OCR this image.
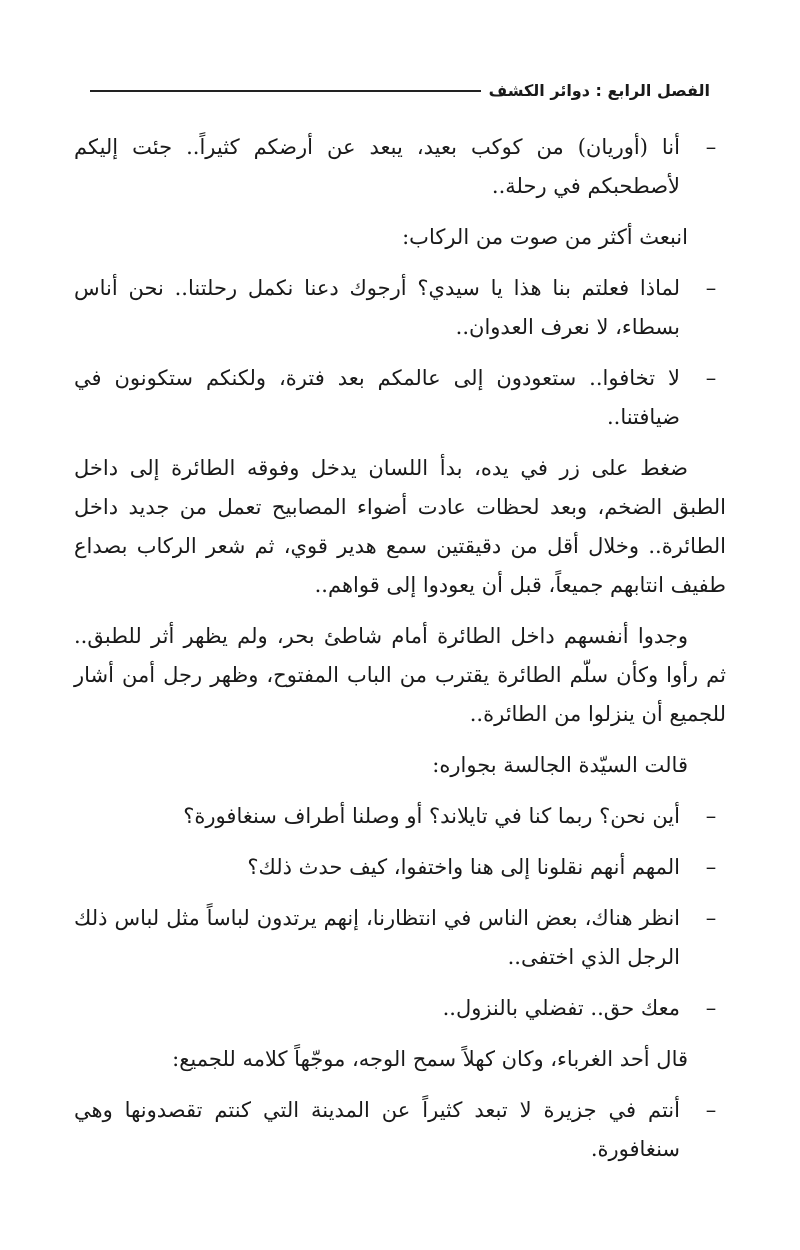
الفصل الرابع : دوائر الكشف

–
أنا (أوريان) من كوكب بعيد، يبعد عن أرضكم كثيراً.. جئت إليكم لأصطحبكم في رحلة..

انبعث أكثر من صوت من الركاب:

–
لماذا فعلتم بنا هذا يا سيدي؟ أرجوك دعنا نكمل رحلتنا.. نحن أناس بسطاء، لا نعرف العدوان..

–
لا تخافوا.. ستعودون إلى عالمكم بعد فترة، ولكنكم ستكونون في ضيافتنا..

ضغط على زر في يده، بدأ اللسان يدخل وفوقه الطائرة إلى داخل الطبق الضخم، وبعد لحظات عادت أضواء المصابيح تعمل من جديد داخل الطائرة.. وخلال أقل من دقيقتين سمع هدير قوي، ثم شعر الركاب بصداع طفيف انتابهم جميعاً، قبل أن يعودوا إلى قواهم..

وجدوا أنفسهم داخل الطائرة أمام شاطئ بحر، ولم يظهر أثر للطبق.. ثم رأوا وكأن سلّم الطائرة يقترب من الباب المفتوح، وظهر رجل أمن أشار للجميع أن ينزلوا من الطائرة..

قالت السيّدة الجالسة بجواره:

–
أين نحن؟ ربما كنا في تايلاند؟ أو وصلنا أطراف سنغافورة؟

–
المهم أنهم نقلونا إلى هنا واختفوا، كيف حدث ذلك؟

–
انظر هناك، بعض الناس في انتظارنا، إنهم يرتدون لباساً مثل لباس ذلك الرجل الذي اختفى..

–
معك حق.. تفضلي بالنزول..

قال أحد الغرباء، وكان كهلاً سمح الوجه، موجّهاً كلامه للجميع:

–
أنتم في جزيرة لا تبعد كثيراً عن المدينة التي كنتم تقصدونها وهي سنغافورة.
